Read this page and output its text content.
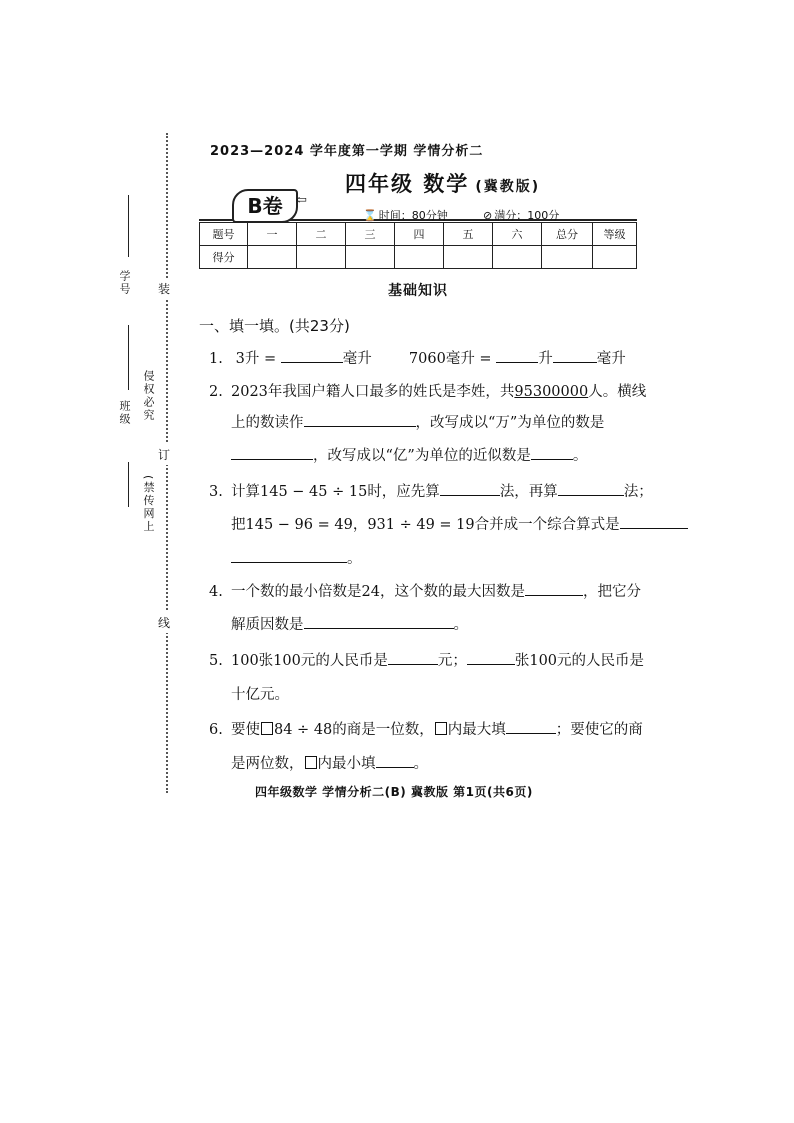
装
订
线
学号
班级 侵权必究
(禁传网上
2023—2024 学年度第一学期 学情分析二
四年级 数学 (冀教版)
B卷	⇦
⌛ 时间：80分钟	⊘ 满分：100分
题号	一	二	三	四	五	六	总分	等级
得分								
基础知识
一、填一填。(共23分)
1. 3升 =	毫升	7060毫升 =	升	毫升
2. 2023年我国户籍人口最多的姓氏是李姓，共95300000人。横线
上的数读作	，改写成以“万”为单位的数是
，改写成以“亿”为单位的近似数是	。
3. 计算145 − 45 ÷ 15时，应先算	法，再算	法；
把145 − 96 = 49，931 ÷ 49 = 19合并成一个综合算式是
。
4. 一个数的最小倍数是24，这个数的最大因数是	，把它分
解质因数是	。
5. 100张100元的人民币是	元；	张100元的人民币是
十亿元。
6. 要使 84 ÷ 48的商是一位数， 内最大填	；要使它的商
是两位数， 内最小填	。
四年级数学 学情分析二(B) 冀教版 第1页(共6页)
